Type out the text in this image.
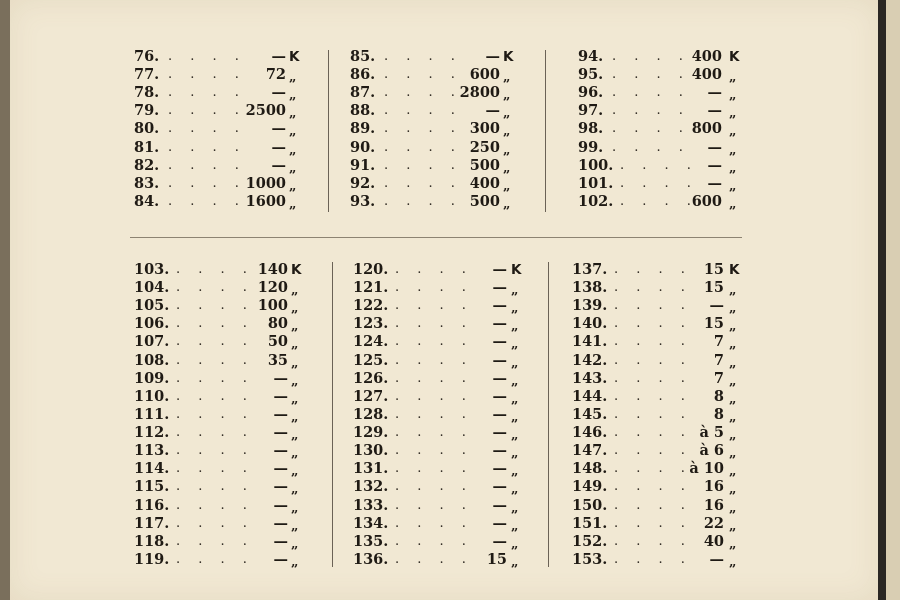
76. . . . . — K
77. . . . . 72 „
78. . . . . — „
79. . . . . 2500 „
80. . . . . — „
81. . . . . — „
82. . . . . — „
83. . . . . 1000 „
84. . . . . 1600 „
85. . . . . — K
86. . . . . 600 „
87. . . . .
2800 „
88. . . . . — „
89. . . . . 300 „
90. . . . . 250 „
91. . . . . 500 „
92. . . . . 400 „
93. . . . . 500 „
94. . . . . 400 K
95. . . . . 400 „
96. . . . . — „
97. . . . . — „
98. . . . . 800 „
99. . . . . — „
100. . . . . — „
101. . . . . — „
102. . . . .
600 „
103. . . . . 140 K
104. . . . . 120 „
105. . . . . 100 „
106. . . . . 80 „
107. . . . . 50 „
108. . . . . 35 „
109. . . . . — „
110. . . . . — „
111. . . . . — „
112. . . . . — „
113. . . . . — „
114. . . . . — „
115. . . . . — „
116. . . . . — „
117. . . . . — „
118. . . . . — „
119. . . . . — „
120. . . . . — K
121. . . . . — „
122. . . . . — „
123. . . . . — „
124. . . . . — „
125. . . . . — „
126. . . . . — „
127. . . . . — „
128. . . . . — „
129. . . . . — „
130. . . . . — „
131. . . . . — „
132. . . . . — „
133. . . . . — „
134. . . . . — „
135. . . . . — „
136. . . . . 15 „
137. . . . . 15 K
138. . . . . 15 „
139. . . . . — „
140. . . . . 15 „
141. . . . . 7 „
142. . . . . 7 „
143. . . . . 7 „
144. . . . . 8 „
145. . . . . 8 „
146. . . . . à 5 „
147. . . . . à 6 „
148. . . . .
à 10 „
149. . . . . 16 „
150. . . . . 16 „
151. . . . . 22 „
152. . . . . 40 „
153. . . . . — „
